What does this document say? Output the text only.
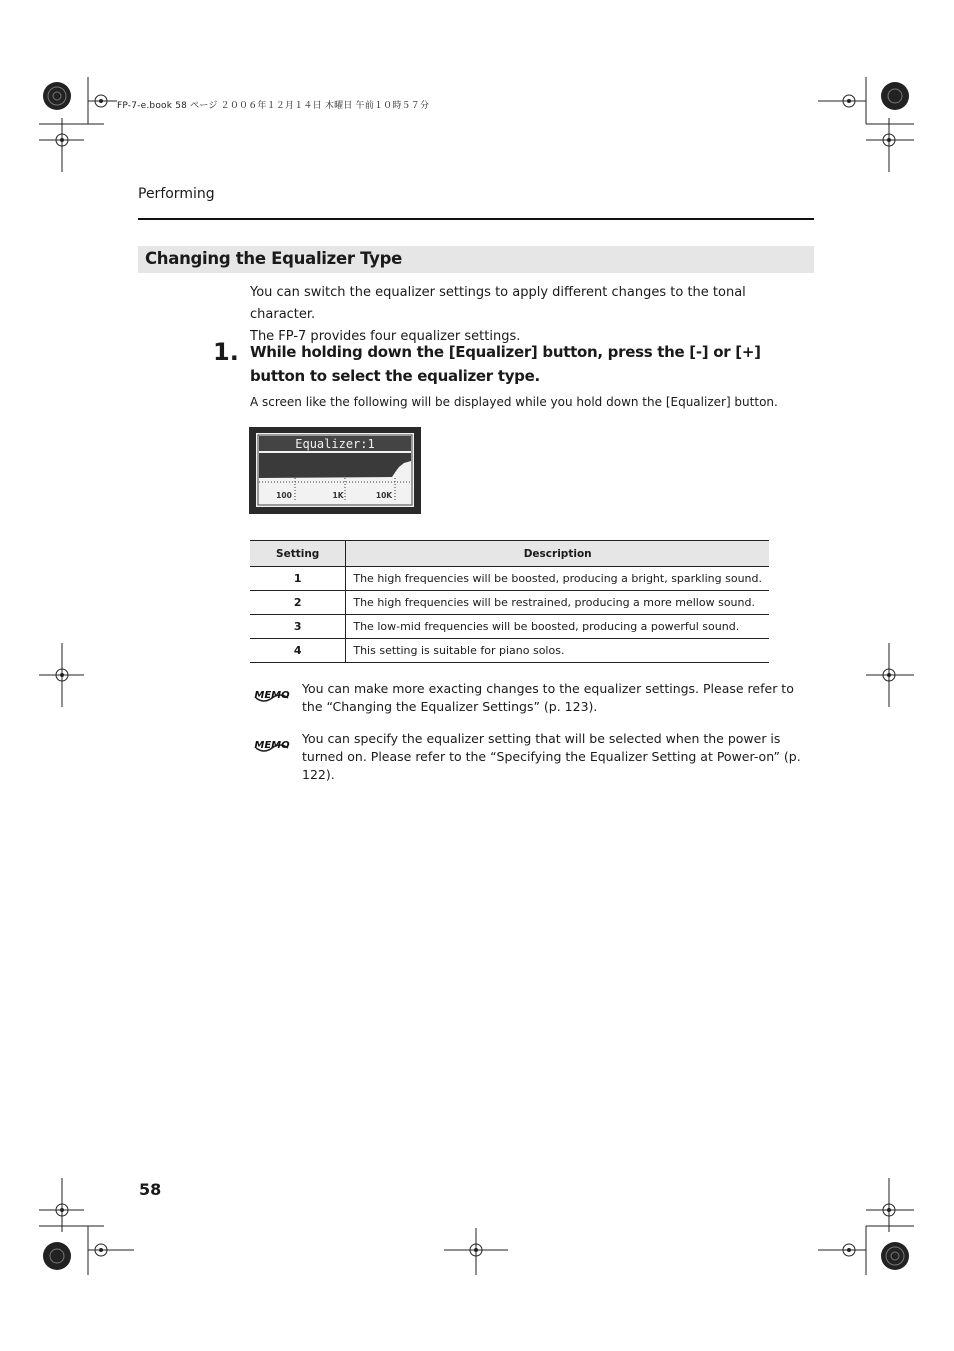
FP-7-e.book 58 ページ ２００６年１２月１４日 木曜日 午前１０時５７分
Performing
Changing the Equalizer Type

You can switch the equalizer settings to apply different changes to the tonal character.

The FP-7 provides four equalizer settings.

1. While holding down the [Equalizer] button, press the [-] or [+] button to select the equalizer type.
A screen like the following will be displayed while you hold down the [Equalizer] button.
Equalizer:1
100	1K	10K
Setting	Description
1	The high frequencies will be boosted, producing a bright, sparkling sound.
2	The high frequencies will be restrained, producing a more mellow sound.
3	The low-mid frequencies will be boosted, producing a powerful sound.
4	This setting is suitable for piano solos.
MEMO You can make more exacting changes to the equalizer settings. Please refer to the “Changing the Equalizer Settings” (p. 123).
MEMO You can specify the equalizer setting that will be selected when the power is turned on. Please refer to the “Specifying the Equalizer Setting at Power-on” (p. 122).
58
